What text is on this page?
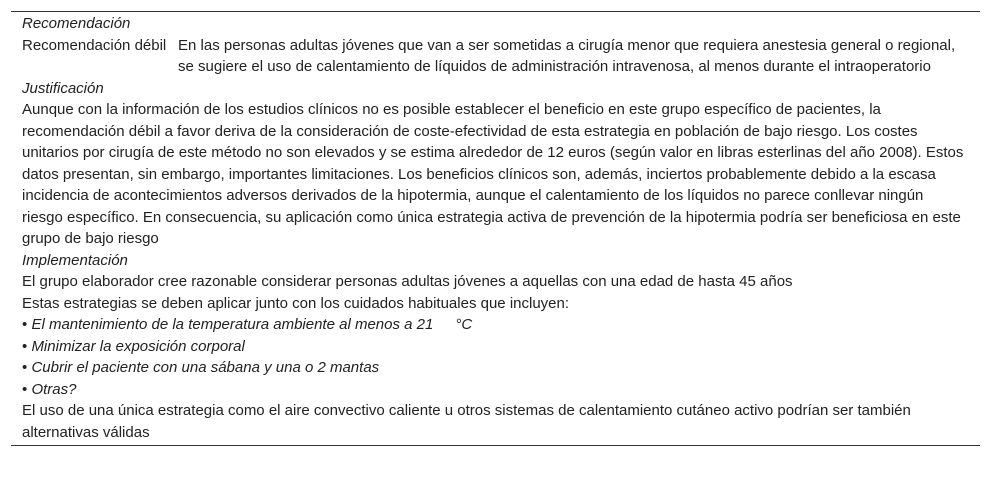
Recomendación
Recomendación débil En las personas adultas jóvenes que van a ser sometidas a cirugía menor que requiera anestesia general o regional, se sugiere el uso de calentamiento de líquidos de administración intravenosa, al menos durante el intraoperatorio
Justificación
Aunque con la información de los estudios clínicos no es posible establecer el beneficio en este grupo específico de pacientes, la recomendación débil a favor deriva de la consideración de coste-efectividad de esta estrategia en población de bajo riesgo. Los costes unitarios por cirugía de este método no son elevados y se estima alrededor de 12 euros (según valor en libras esterlinas del año 2008). Estos datos presentan, sin embargo, importantes limitaciones. Los beneficios clínicos son, además, inciertos probablemente debido a la escasa incidencia de acontecimientos adversos derivados de la hipotermia, aunque el calentamiento de los líquidos no parece conllevar ningún riesgo específico. En consecuencia, su aplicación como única estrategia activa de prevención de la hipotermia podría ser beneficiosa en este grupo de bajo riesgo
Implementación
El grupo elaborador cree razonable considerar personas adultas jóvenes a aquellas con una edad de hasta 45 años
Estas estrategias se deben aplicar junto con los cuidados habituales que incluyen:
• El mantenimiento de la temperatura ambiente al menos a 21 °C
• Minimizar la exposición corporal
• Cubrir el paciente con una sábana y una o 2 mantas
• Otras?
El uso de una única estrategia como el aire convectivo caliente u otros sistemas de calentamiento cutáneo activo podrían ser también alternativas válidas
